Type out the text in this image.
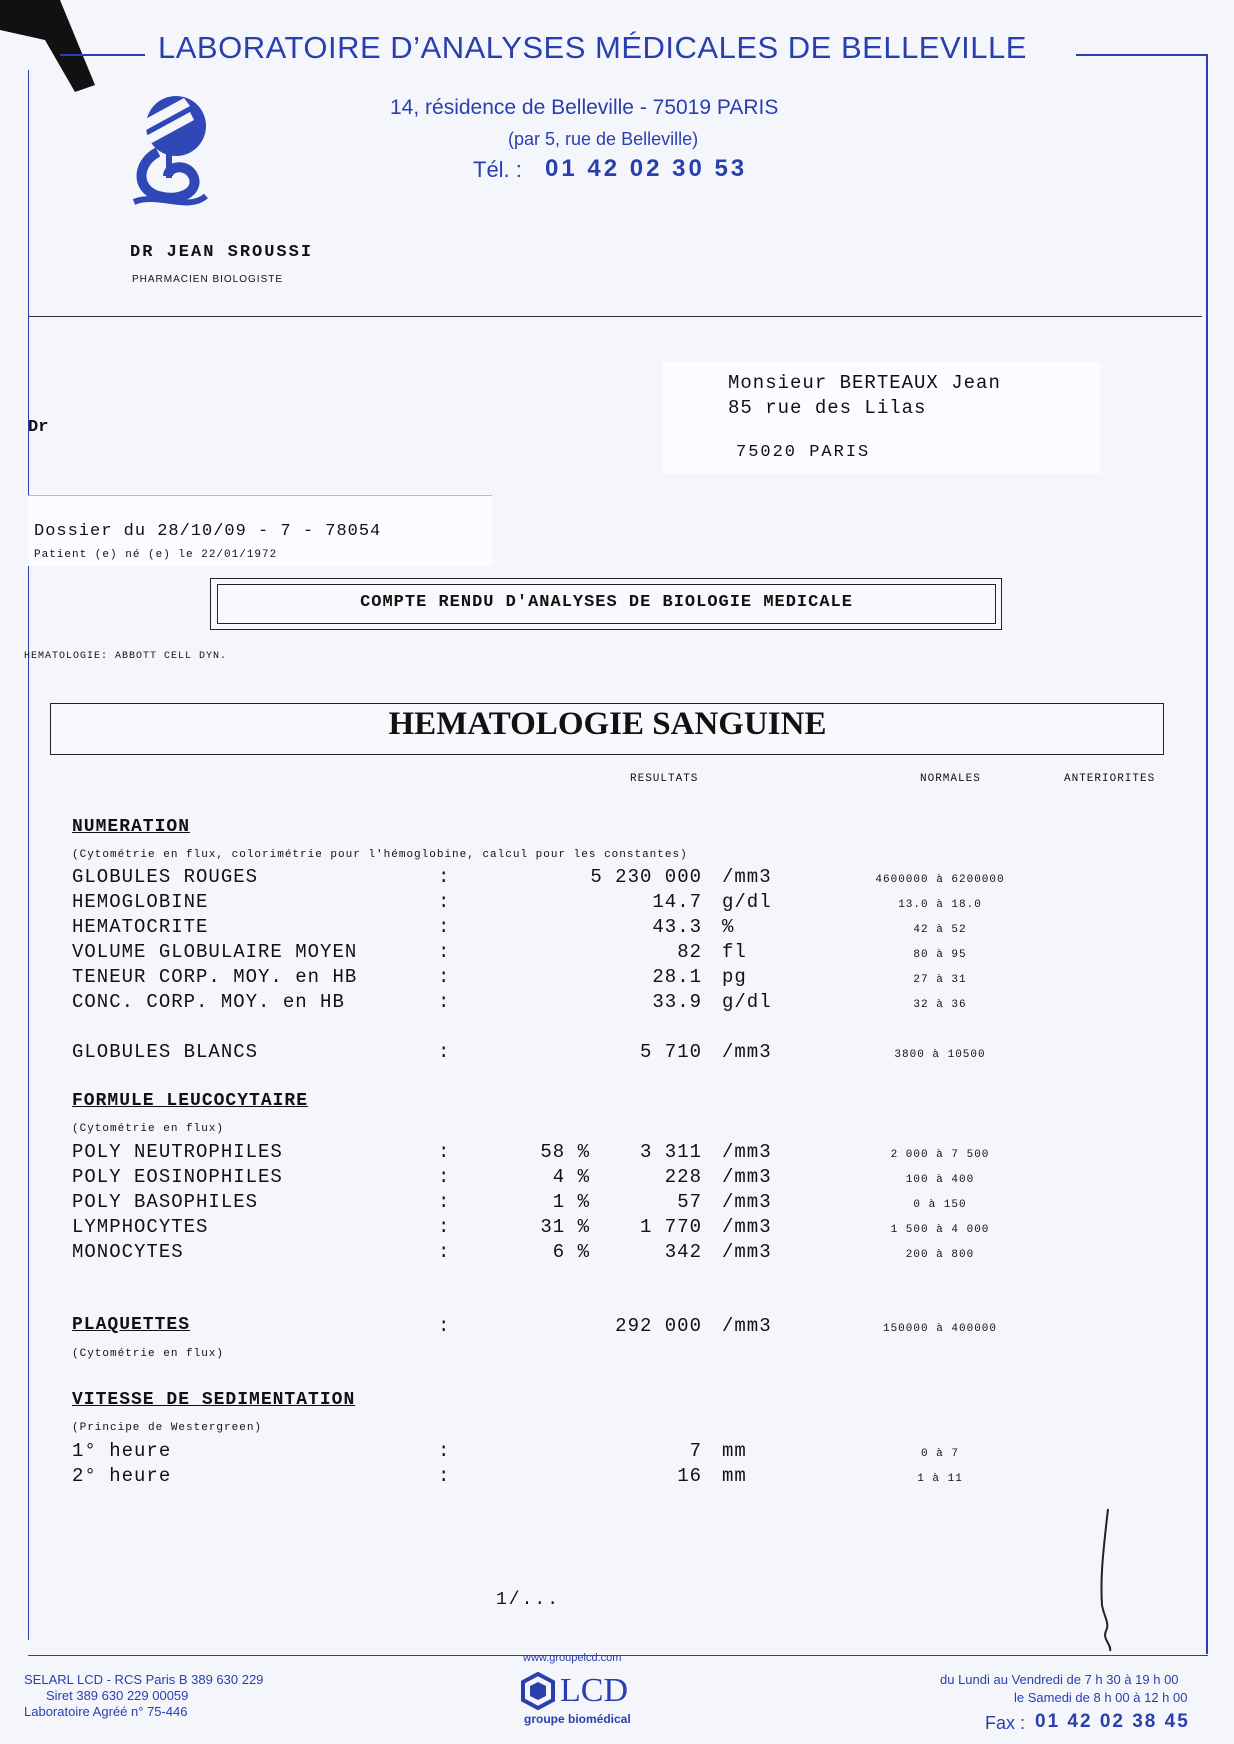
LABORATOIRE D’ANALYSES MÉDICALES DE BELLEVILLE
14, résidence de Belleville - 75019 PARIS
(par 5, rue de Belleville)
Tél. : 01 42 02 30 53
DR JEAN SROUSSI
PHARMACIEN BIOLOGISTE
Monsieur BERTEAUX Jean
85 rue des Lilas
75020 PARIS
Dr
Dossier du 28/10/09 - 7 - 78054
Patient (e) né (e) le 22/01/1972
COMPTE RENDU D'ANALYSES DE BIOLOGIE MEDICALE
HEMATOLOGIE: ABBOTT CELL DYN.
HEMATOLOGIE SANGUINE
RESULTATS	NORMALES	ANTERIORITES
NUMERATION
(Cytométrie en flux, colorimétrie pour l'hémoglobine, calcul pour les constantes)
GLOBULES ROUGES	:	5 230 000 /mm3	4600000 à 6200000
HEMOGLOBINE	:	14.7 g/dl	13.0 à 18.0
HEMATOCRITE	:	43.3 %	42 à 52
VOLUME GLOBULAIRE MOYEN	:	82 fl	80 à 95
TENEUR CORP. MOY. en HB	:	28.1 pg	27 à 31
CONC. CORP. MOY. en HB	:	33.9 g/dl	32 à 36
GLOBULES BLANCS	:	5 710 /mm3	3800 à 10500
FORMULE LEUCOCYTAIRE
(Cytométrie en flux)
POLY NEUTROPHILES	:	58 %	3 311 /mm3	2 000 à 7 500
POLY EOSINOPHILES	:	4 %	228 /mm3	100 à 400
POLY BASOPHILES	:	1 %	57 /mm3	0 à 150
LYMPHOCYTES	:	31 %	1 770 /mm3	1 500 à 4 000
MONOCYTES	:	6 %	342 /mm3	200 à 800
PLAQUETTES	:	292 000 /mm3	150000 à 400000
(Cytométrie en flux)
VITESSE DE SEDIMENTATION
(Principe de Westergreen)
1° heure	:	7 mm	0 à 7
2° heure	:	16 mm	1 à 11
1/...
SELARL LCD - RCS Paris B 389 630 229
Siret 389 630 229 00059
Laboratoire Agréé n° 75-446
www.groupelcd.com
LCD
groupe biomédical
du Lundi au Vendredi de 7 h 30 à 19 h 00
le Samedi de 8 h 00 à 12 h 00
Fax : 01 42 02 38 45
